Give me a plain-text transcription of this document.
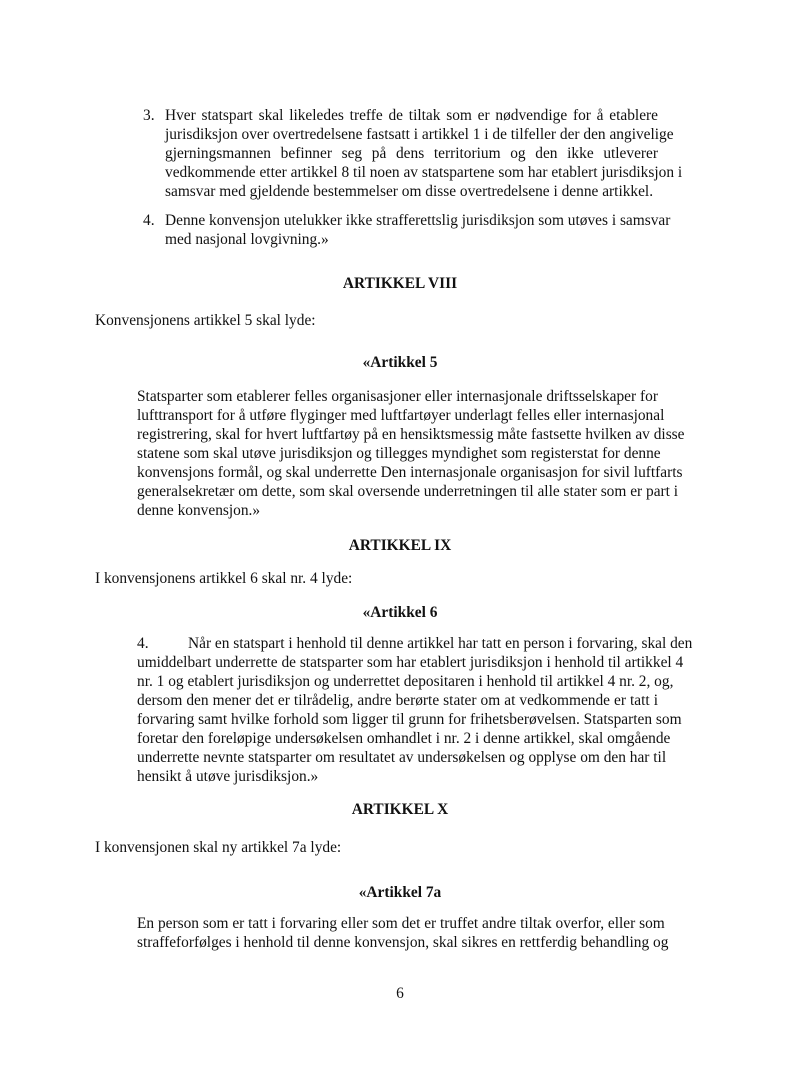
3. Hver statspart skal likeledes treffe de tiltak som er nødvendige for å etablere
jurisdiksjon over overtredelsene fastsatt i artikkel 1 i de tilfeller der den angivelige
gjerningsmannen befinner seg på dens territorium og den ikke utleverer
vedkommende etter artikkel 8 til noen av statspartene som har etablert jurisdiksjon i
samsvar med gjeldende bestemmelser om disse overtredelsene i denne artikkel.
4. Denne konvensjon utelukker ikke strafferettslig jurisdiksjon som utøves i samsvar
med nasjonal lovgivning.»
ARTIKKEL VIII
Konvensjonens artikkel 5 skal lyde:
«Artikkel 5
Statsparter som etablerer felles organisasjoner eller internasjonale driftsselskaper for
lufttransport for å utføre flyginger med luftfartøyer underlagt felles eller internasjonal
registrering, skal for hvert luftfartøy på en hensiktsmessig måte fastsette hvilken av disse
statene som skal utøve jurisdiksjon og tillegges myndighet som registerstat for denne
konvensjons formål, og skal underrette Den internasjonale organisasjon for sivil luftfarts
generalsekretær om dette, som skal oversende underretningen til alle stater som er part i
denne konvensjon.»
ARTIKKEL IX
I konvensjonens artikkel 6 skal nr. 4 lyde:
«Artikkel 6
4.	Når en statspart i henhold til denne artikkel har tatt en person i forvaring, skal den
umiddelbart underrette de statsparter som har etablert jurisdiksjon i henhold til artikkel 4
nr. 1 og etablert jurisdiksjon og underrettet depositaren i henhold til artikkel 4 nr. 2, og,
dersom den mener det er tilrådelig, andre berørte stater om at vedkommende er tatt i
forvaring samt hvilke forhold som ligger til grunn for frihetsberøvelsen. Statsparten som
foretar den foreløpige undersøkelsen omhandlet i nr. 2 i denne artikkel, skal omgående
underrette nevnte statsparter om resultatet av undersøkelsen og opplyse om den har til
hensikt å utøve jurisdiksjon.»
ARTIKKEL X
I konvensjonen skal ny artikkel 7a lyde:
«Artikkel 7a
En person som er tatt i forvaring eller som det er truffet andre tiltak overfor, eller som
straffeforfølges i henhold til denne konvensjon, skal sikres en rettferdig behandling og
6
